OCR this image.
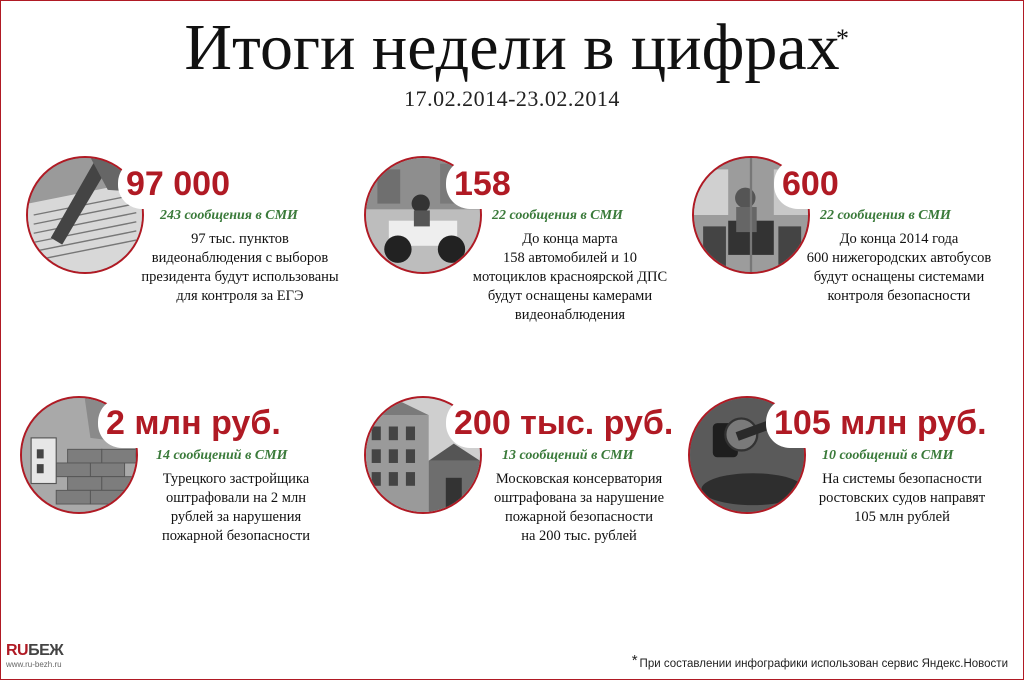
Итоги недели в цифрах
*
17.02.2014-23.02.2014
97 000
243 сообщения в СМИ
97 тыс. пунктов
видеонаблюдения с выборов
президента будут использованы
для контроля за ЕГЭ
158
22 сообщения в СМИ
До конца марта
158 автомобилей и 10
мотоциклов красноярской ДПС
будут оснащены камерами
видеонаблюдения
600
22 сообщения в СМИ
До конца 2014 года
600 нижегородских автобусов
будут оснащены системами
контроля безопасности
2 млн руб.
14 сообщений в СМИ
Турецкого застройщика
оштрафовали на 2 млн
рублей за нарушения
пожарной безопасности
200 тыс. руб.
13 сообщений в СМИ
Московская консерватория
оштрафована за нарушение
пожарной безопасности
на 200 тыс. рублей
105 млн руб.
10 сообщений в СМИ
На системы безопасности
ростовских судов направят
105 млн рублей
RUБЕЖ
www.ru-bezh.ru	* При составлении инфографики использован сервис Яндекс.Новости
